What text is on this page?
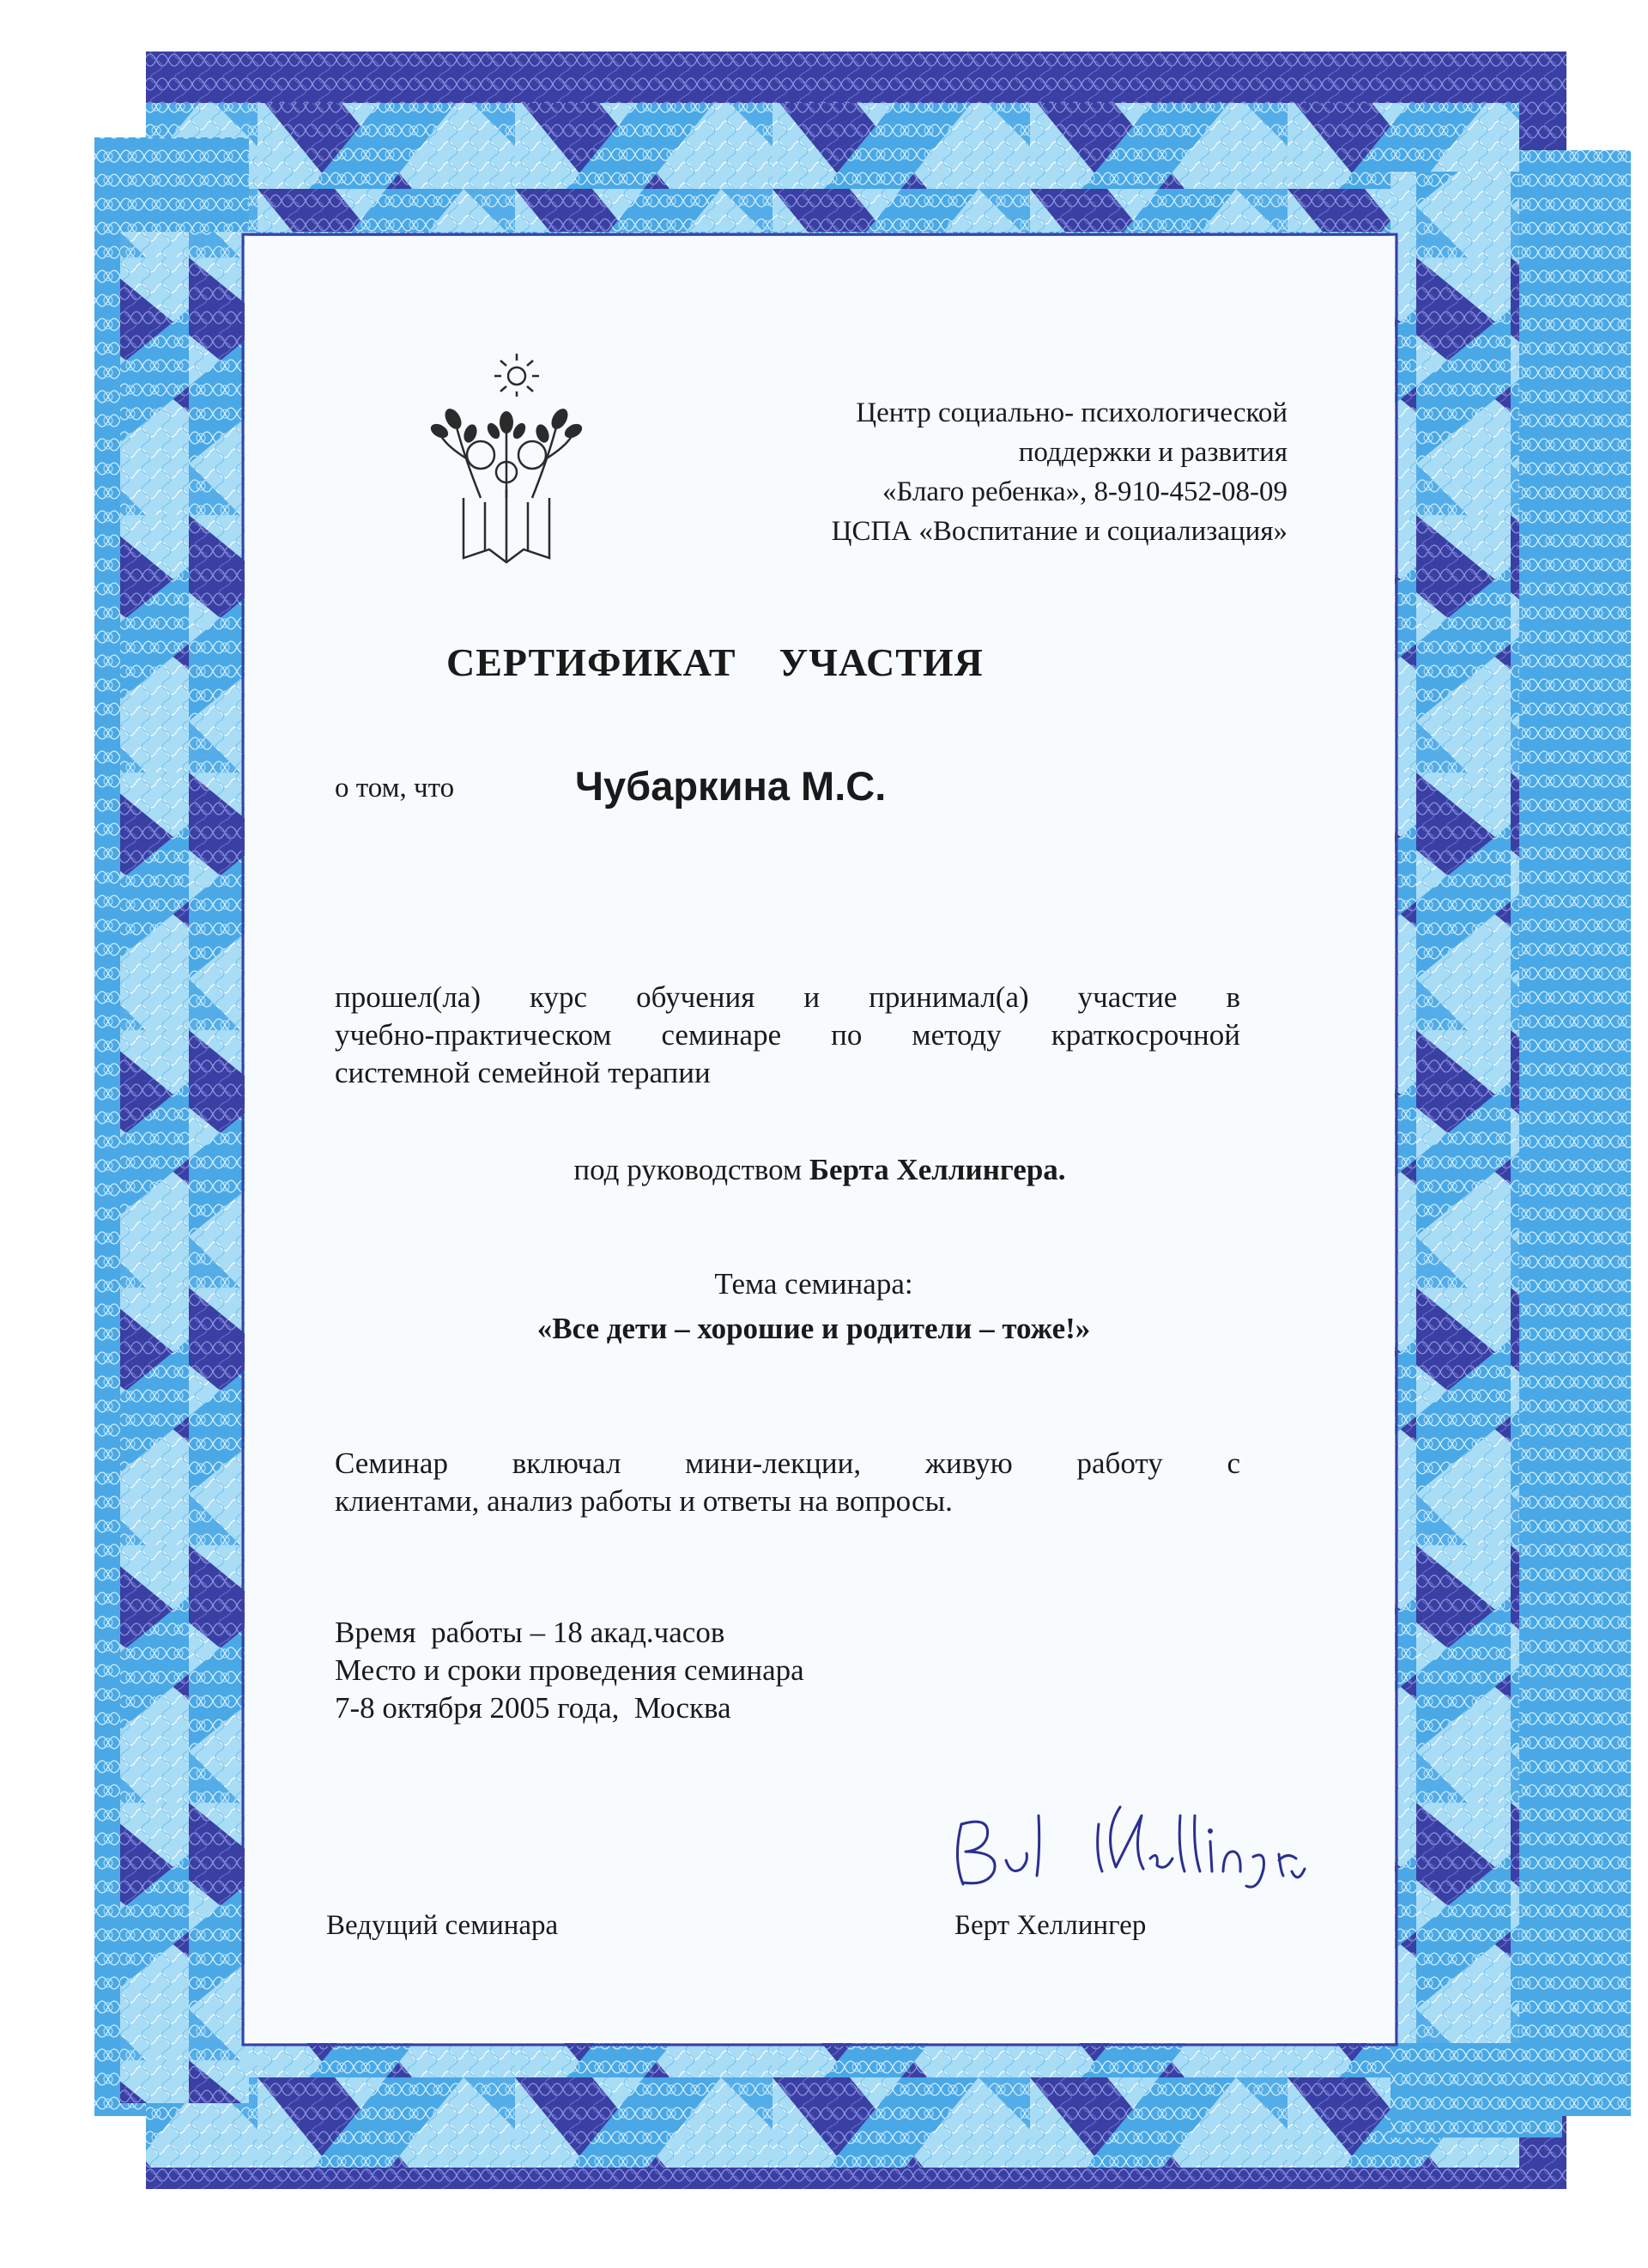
Центр социально- психологической
поддержки и развития
«Благо ребенка», 8-910-452-08-09
ЦСПА «Воспитание и социализация»
СЕРТИФИКАТ    УЧАСТИЯ
о том, что	Чубаркина М.С.
прошел(ла) курс обучения и принимал(а) участие в
учебно-практическом семинаре по методу краткосрочной
системной семейной терапии
под руководством Берта Хеллингера.
Тема семинара:
«Все дети – хорошие и родители – тоже!»
Семинар включал мини-лекции, живую работу с
клиентами, анализ работы и ответы на вопросы.
Время  работы – 18 акад.часов
Место и сроки проведения семинара
7-8 октября 2005 года,  Москва
Ведущий семинара	Берт Хеллингер
